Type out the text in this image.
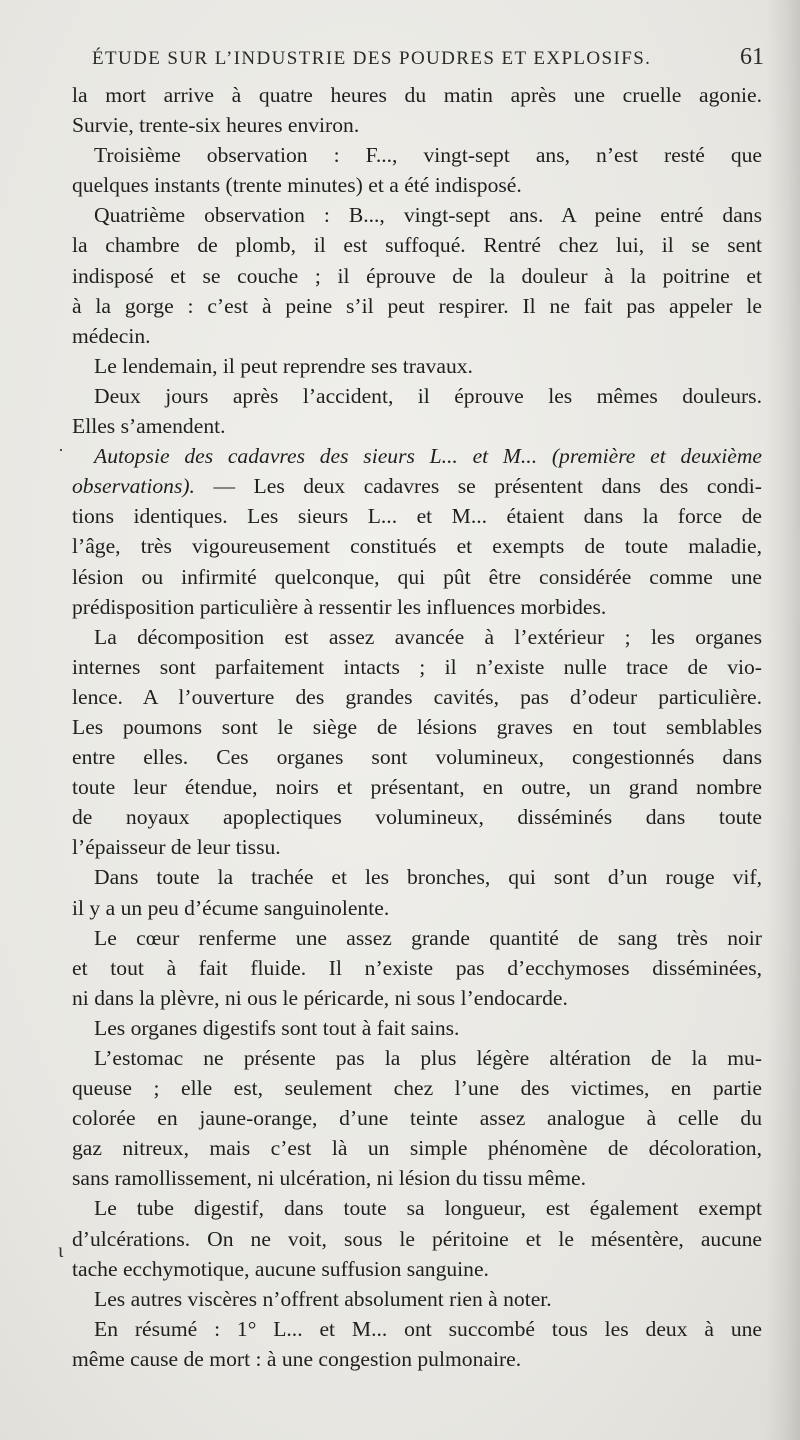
ÉTUDE SUR L’INDUSTRIE DES POUDRES ET EXPLOSIFS.	61
la mort arrive à quatre heures du matin après une cruelle agonie.
Survie, trente-six heures environ.
Troisième observation : F..., vingt-sept ans, n’est resté que
quelques instants (trente minutes) et a été indisposé.
Quatrième observation : B..., vingt-sept ans. A peine entré dans
la chambre de plomb, il est suffoqué. Rentré chez lui, il se sent
indisposé et se couche ; il éprouve de la douleur à la poitrine et
à la gorge : c’est à peine s’il peut respirer. Il ne fait pas appeler le
médecin.
Le lendemain, il peut reprendre ses travaux.
Deux jours après l’accident, il éprouve les mêmes douleurs.
Elles s’amendent.
Autopsie des cadavres des sieurs L... et M... (première et deuxième
observations). — Les deux cadavres se présentent dans des condi-
tions identiques. Les sieurs L... et M... étaient dans la force de
l’âge, très vigoureusement constitués et exempts de toute maladie,
lésion ou infirmité quelconque, qui pût être considérée comme une
prédisposition particulière à ressentir les influences morbides.
La décomposition est assez avancée à l’extérieur ; les organes
internes sont parfaitement intacts ; il n’existe nulle trace de vio-
lence. A l’ouverture des grandes cavités, pas d’odeur particulière.
Les poumons sont le siège de lésions graves en tout semblables
entre elles. Ces organes sont volumineux, congestionnés dans
toute leur étendue, noirs et présentant, en outre, un grand nombre
de noyaux apoplectiques volumineux, disséminés dans toute
l’épaisseur de leur tissu.
Dans toute la trachée et les bronches, qui sont d’un rouge vif,
il y a un peu d’écume sanguinolente.
Le cœur renferme une assez grande quantité de sang très noir
et tout à fait fluide. Il n’existe pas d’ecchymoses disséminées,
ni dans la plèvre, ni ous le péricarde, ni sous l’endocarde.
Les organes digestifs sont tout à fait sains.
L’estomac ne présente pas la plus légère altération de la mu-
queuse ; elle est, seulement chez l’une des victimes, en partie
colorée en jaune-orange, d’une teinte assez analogue à celle du
gaz nitreux, mais c’est là un simple phénomène de décoloration,
sans ramollissement, ni ulcération, ni lésion du tissu même.
Le tube digestif, dans toute sa longueur, est également exempt
d’ulcérations. On ne voit, sous le péritoine et le mésentère, aucune
tache ecchymotique, aucune suffusion sanguine.
Les autres viscères n’offrent absolument rien à noter.
En résumé : 1° L... et M... ont succombé tous les deux à une
même cause de mort : à une congestion pulmonaire.
·
ι
